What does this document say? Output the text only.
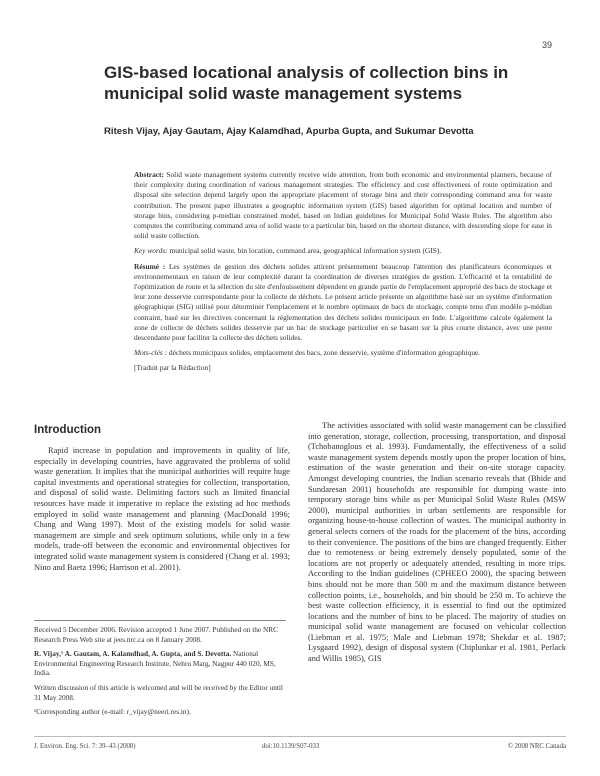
39
GIS-based locational analysis of collection bins in municipal solid waste management systems
Ritesh Vijay, Ajay Gautam, Ajay Kalamdhad, Apurba Gupta, and Sukumar Devotta

Abstract: Solid waste management systems currently receive wide attention, from both economic and environmental planners, because of their complexity during coordination of various management strategies. The efficiency and cost effectiveness of route optimization and disposal site selection depend largely upon the appropriate placement of storage bins and their corresponding command area for waste contribution. The present paper illustrates a geographic information system (GIS) based algorithm for optimal location and number of storage bins, considering p-median constrained model, based on Indian guidelines for Municipal Solid Waste Rules. The algorithm also computes the contributing command area of solid waste to a particular bin, based on the shortest distance, with descending slope for ease in solid waste collection.

Key words: municipal solid waste, bin location, command area, geographical information system (GIS).

Résumé : Les systèmes de gestion des déchets solides attirent présentement beaucoup l'attention des planificateurs économiques et environnementaux en raison de leur complexité durant la coordination de diverses stratégies de gestion. L'efficacité et la rentabilité de l'optimization de route et la sélection du site d'enfouissement dépendent en grande partie de l'emplacement approprié des bacs de stockage et leur zone desservie correspondante pour la collecte de déchets. Le présent article présente un algorithme basé sur un système d'information géographique (SIG) utilisé pour déterminer l'emplacement et le nombre optimaux de bacs de stockage, compte tenu d'un modèle p-médian contraint, basé sur les directives concernant la réglementation des déchets solides municipaux en Inde. L'algorithme calcule également la zone de collecte de déchets solides desservie par un bac de stockage particulier en se basant sur la plus courte distance, avec une pente descendante pour faciliter la collecte des déchets solides.

Mots-clés : déchets municipaux solides, emplacement des bacs, zone desservie, système d'information géographique.

[Traduit par la Rédaction]

Introduction

Rapid increase in population and improvements in quality of life, especially in developing countries, have aggravated the problems of solid waste generation. It implies that the municipal authorities will require huge capital investments and operational strategies for collection, transportation, and disposal of solid waste. Delimiting factors such as limited financial resources have made it imperative to replace the existing ad hoc methods employed in solid waste management and planning (MacDonald 1996; Chang and Wang 1997). Most of the existing models for solid waste management are simple and seek optimum solutions, while only in a few models, trade-off between the economic and environmental objectives for integrated solid waste management system is considered (Chang et al. 1993; Nino and Baetz 1996; Harrison et al. 2001).

The activities associated with solid waste management can be classified into generation, storage, collection, processing, transportation, and disposal (Tchobanoglous et al. 1993). Fundamentally, the effectiveness of a solid waste management system depends mostly upon the proper location of bins, estimation of the waste generation and their on-site storage capacity. Amongst developing countries, the Indian scenario reveals that (Bhide and Sundaresan 2001) households are responsible for dumping waste into temporary storage bins while as per Municipal Solid Waste Rules (MSW 2000), municipal authorities in urban settlements are responsible for organizing house-to-house collection of wastes. The municipal authority in general selects corners of the roads for the placement of the bins, according to their convenience. The positions of the bins are changed frequently. Either due to remoteness or being extremely densely populated, some of the locations are not properly or adequately attended, resulting in more trips. According to the Indian guidelines (CPHEEO 2000), the spacing between bins should not be more than 500 m and the maximum distance between collection points, i.e., households, and bin should be 250 m. To achieve the best waste collection efficiency, it is essential to find out the optimized locations and the number of bins to be placed. The majority of studies on municipal solid waste management are focused on vehicular collection (Liebman et al. 1975; Male and Liebman 1978; Shekdar et al. 1987; Lysgaard 1992), design of disposal system (Chiplunkar et al. 1981, Perlack and Willis 1985), GIS

Received 5 December 2006. Revision accepted 1 June 2007. Published on the NRC Research Press Web site at jees.nrc.ca on 8 January 2008.

R. Vijay,¹ A. Gautam, A. Kalamdhad, A. Gupta, and S. Devotta. National Environmental Engineering Research Institute, Nehru Marg, Nagpur 440 020, MS, India.

Written discussion of this article is welcomed and will be received by the Editor until 31 May 2008.

¹Corresponding author (e-mail: r_vijay@neeri.res.in).

J. Environ. Eng. Sci. 7: 39–43 (2008)	doi:10.1139/S07-033	© 2008 NRC Canada
